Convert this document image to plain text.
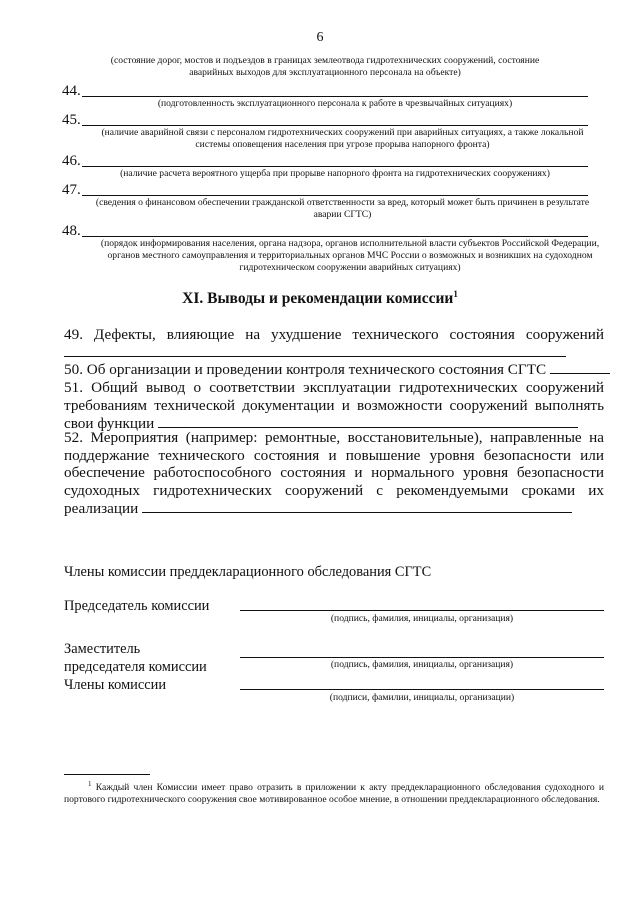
6
(состояние дорог, мостов и подъездов в границах землеотвода гидротехнических сооружений, состояние аварийных выходов для эксплуатационного персонала на объекте)
44.
(подготовленность эксплуатационного персонала к работе в чрезвычайных ситуациях)
45.
(наличие аварийной связи с персоналом гидротехнических сооружений при аварийных ситуациях, а также локальной системы оповещения населения при угрозе прорыва напорного фронта)
46.
(наличие расчета вероятного ущерба при прорыве напорного фронта на гидротехнических сооружениях)
47.
(сведения о финансовом обеспечении гражданской ответственности за вред, который может быть причинен в результате аварии СГТС)
48.
(порядок информирования населения, органа надзора, органов исполнительной власти субъектов Российской Федерации, органов местного самоуправления и территориальных органов МЧС России о возможных и возникших на судоходном гидротехническом сооружении аварийных ситуациях)
XI. Выводы и рекомендации комиссии$^1$
49. Дефекты, влияющие на ухудшение технического состояния сооружений
50. Об организации и проведении контроля технического состояния СГТС
51. Общий вывод о соответствии эксплуатации гидротехнических сооружений
требованиям технической документации и возможности сооружений выполнять
свои функции
52. Мероприятия (например: ремонтные, восстановительные), направленные на
поддержание технического состояния и повышение уровня безопасности или
обеспечение работоспособного состояния и нормального уровня безопасности
судоходных гидротехнических сооружений с рекомендуемыми сроками их
реализации
Члены комиссии преддекларационного обследования СГТС
Председатель комиссии
(подпись, фамилия, инициалы, организация)
Заместитель
председателя комиссии	(подпись, фамилия, инициалы, организация)
Члены комиссии
(подписи, фамилии, инициалы, организации)
$^1$ Каждый член Комиссии имеет право отразить в приложении к акту преддекларационного обследования судоходного и портового гидротехнического сооружения свое мотивированное особое мнение, в отношении преддекларационного обследования.
